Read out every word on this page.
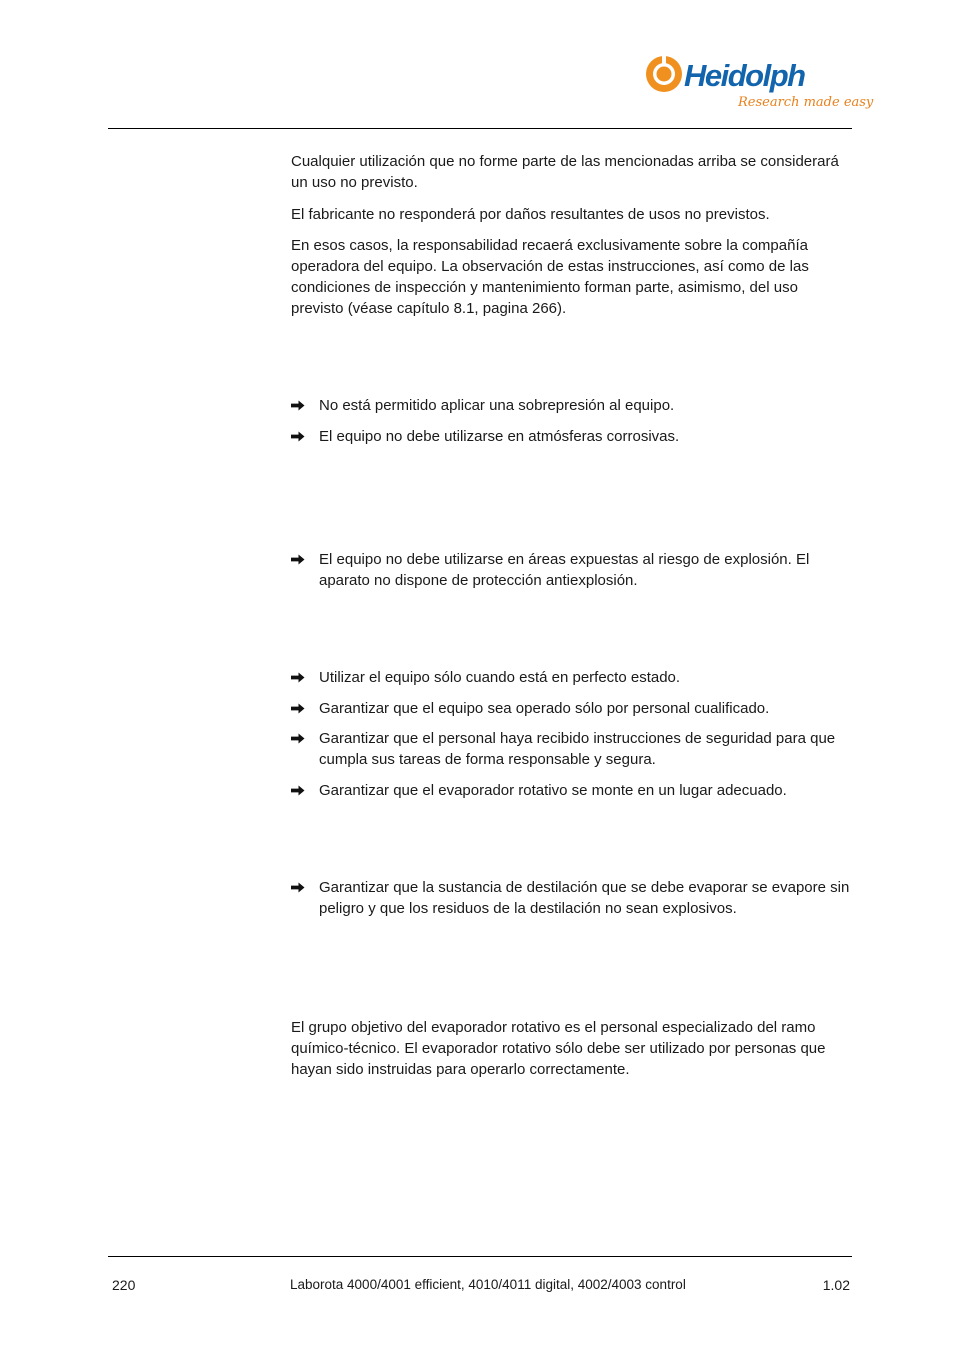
Heidolph
Research made easy

Cualquier utilización que no forme parte de las mencionadas arriba se considerará un uso no previsto.

El fabricante no responderá por daños resultantes de usos no previstos.

En esos casos, la responsabilidad recaerá exclusivamente sobre la compañía operadora del equipo. La observación de estas instrucciones, así como de las condiciones de inspección y mantenimiento forman parte, asimismo, del uso previsto (véase capítulo 8.1, pagina 266).

No está permitido aplicar una sobrepresión al equipo.
El equipo no debe utilizarse en atmósferas corrosivas.
El equipo no debe utilizarse en áreas expuestas al riesgo de explosión. El aparato no dispone de protección antiexplosión.
Utilizar el equipo sólo cuando está en perfecto estado.
Garantizar que el equipo sea operado sólo por personal cualificado.
Garantizar que el personal haya recibido instrucciones de seguridad para que cumpla sus tareas de forma responsable y segura.
Garantizar que el evaporador rotativo se monte en un lugar adecuado.
Garantizar que la sustancia de destilación que se debe evaporar se evapore sin peligro y que los residuos de la destilación no sean explosivos.

El grupo objetivo del evaporador rotativo es el personal especializado del ramo químico-técnico. El evaporador rotativo sólo debe ser utilizado por personas que hayan sido instruidas para operarlo correctamente.

220	Laborota 4000/4001 efficient, 4010/4011 digital, 4002/4003 control	1.02
